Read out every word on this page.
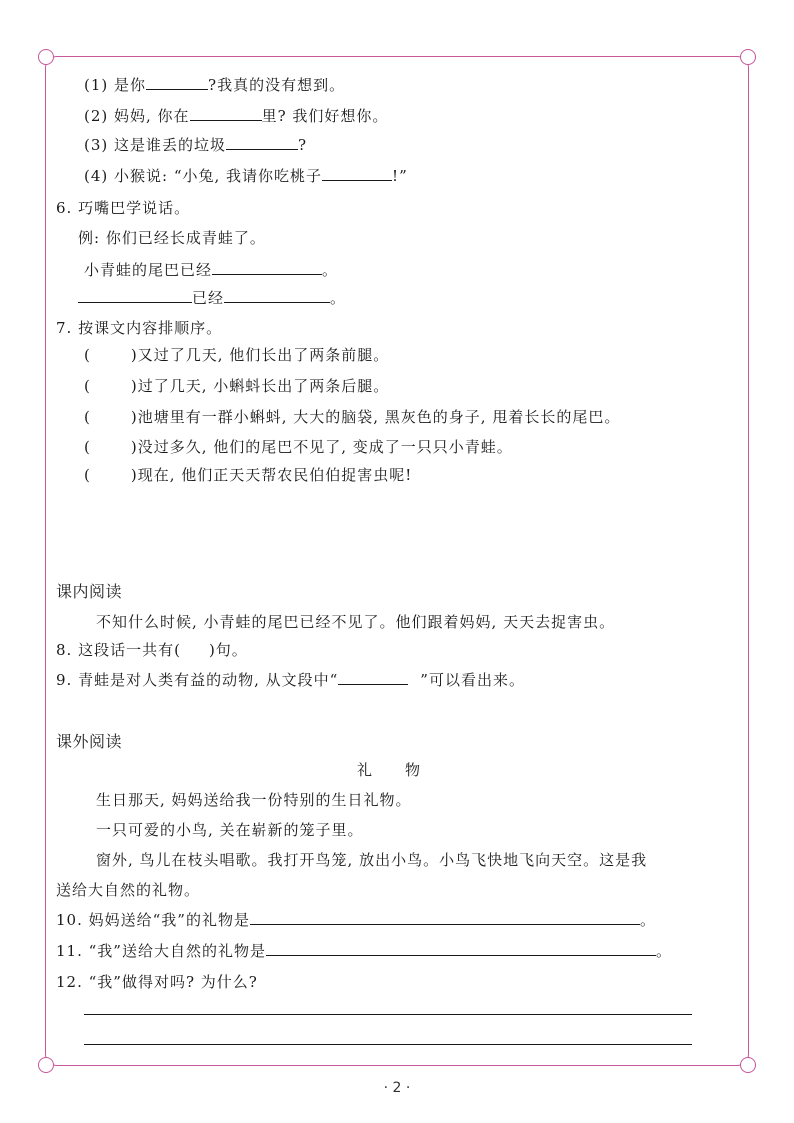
(1) 是你	?我真的没有想到。
(2) 妈妈, 你在	里? 我们好想你。
(3) 这是谁丢的垃圾	?
(4) 小猴说: “小兔, 我请你吃桃子	!”
6. 巧嘴巴学说话。
例: 你们已经长成青蛙了。
小青蛙的尾巴已经	。
已经	。
7. 按课文内容排顺序。
(	)又过了几天, 他们长出了两条前腿。
(	)过了几天, 小蝌蚪长出了两条后腿。
(	)池塘里有一群小蝌蚪, 大大的脑袋, 黑灰色的身子, 甩着长长的尾巴。
(	)没过多久, 他们的尾巴不见了, 变成了一只只小青蛙。
(	)现在, 他们正天天帮农民伯伯捉害虫呢!
课内阅读
不知什么时候, 小青蛙的尾巴已经不见了。他们跟着妈妈, 天天去捉害虫。
8. 这段话一共有( )句。
9. 青蛙是对人类有益的动物, 从文段中“	”可以看出来。
课外阅读
礼　　物
生日那天, 妈妈送给我一份特别的生日礼物。
一只可爱的小鸟, 关在崭新的笼子里。
窗外, 鸟儿在枝头唱歌。我打开鸟笼, 放出小鸟。小鸟飞快地飞向天空。这是我
送给大自然的礼物。
10. 妈妈送给“我”的礼物是	。
11. “我”送给大自然的礼物是	。
12. “我”做得对吗? 为什么?
· 2 ·
